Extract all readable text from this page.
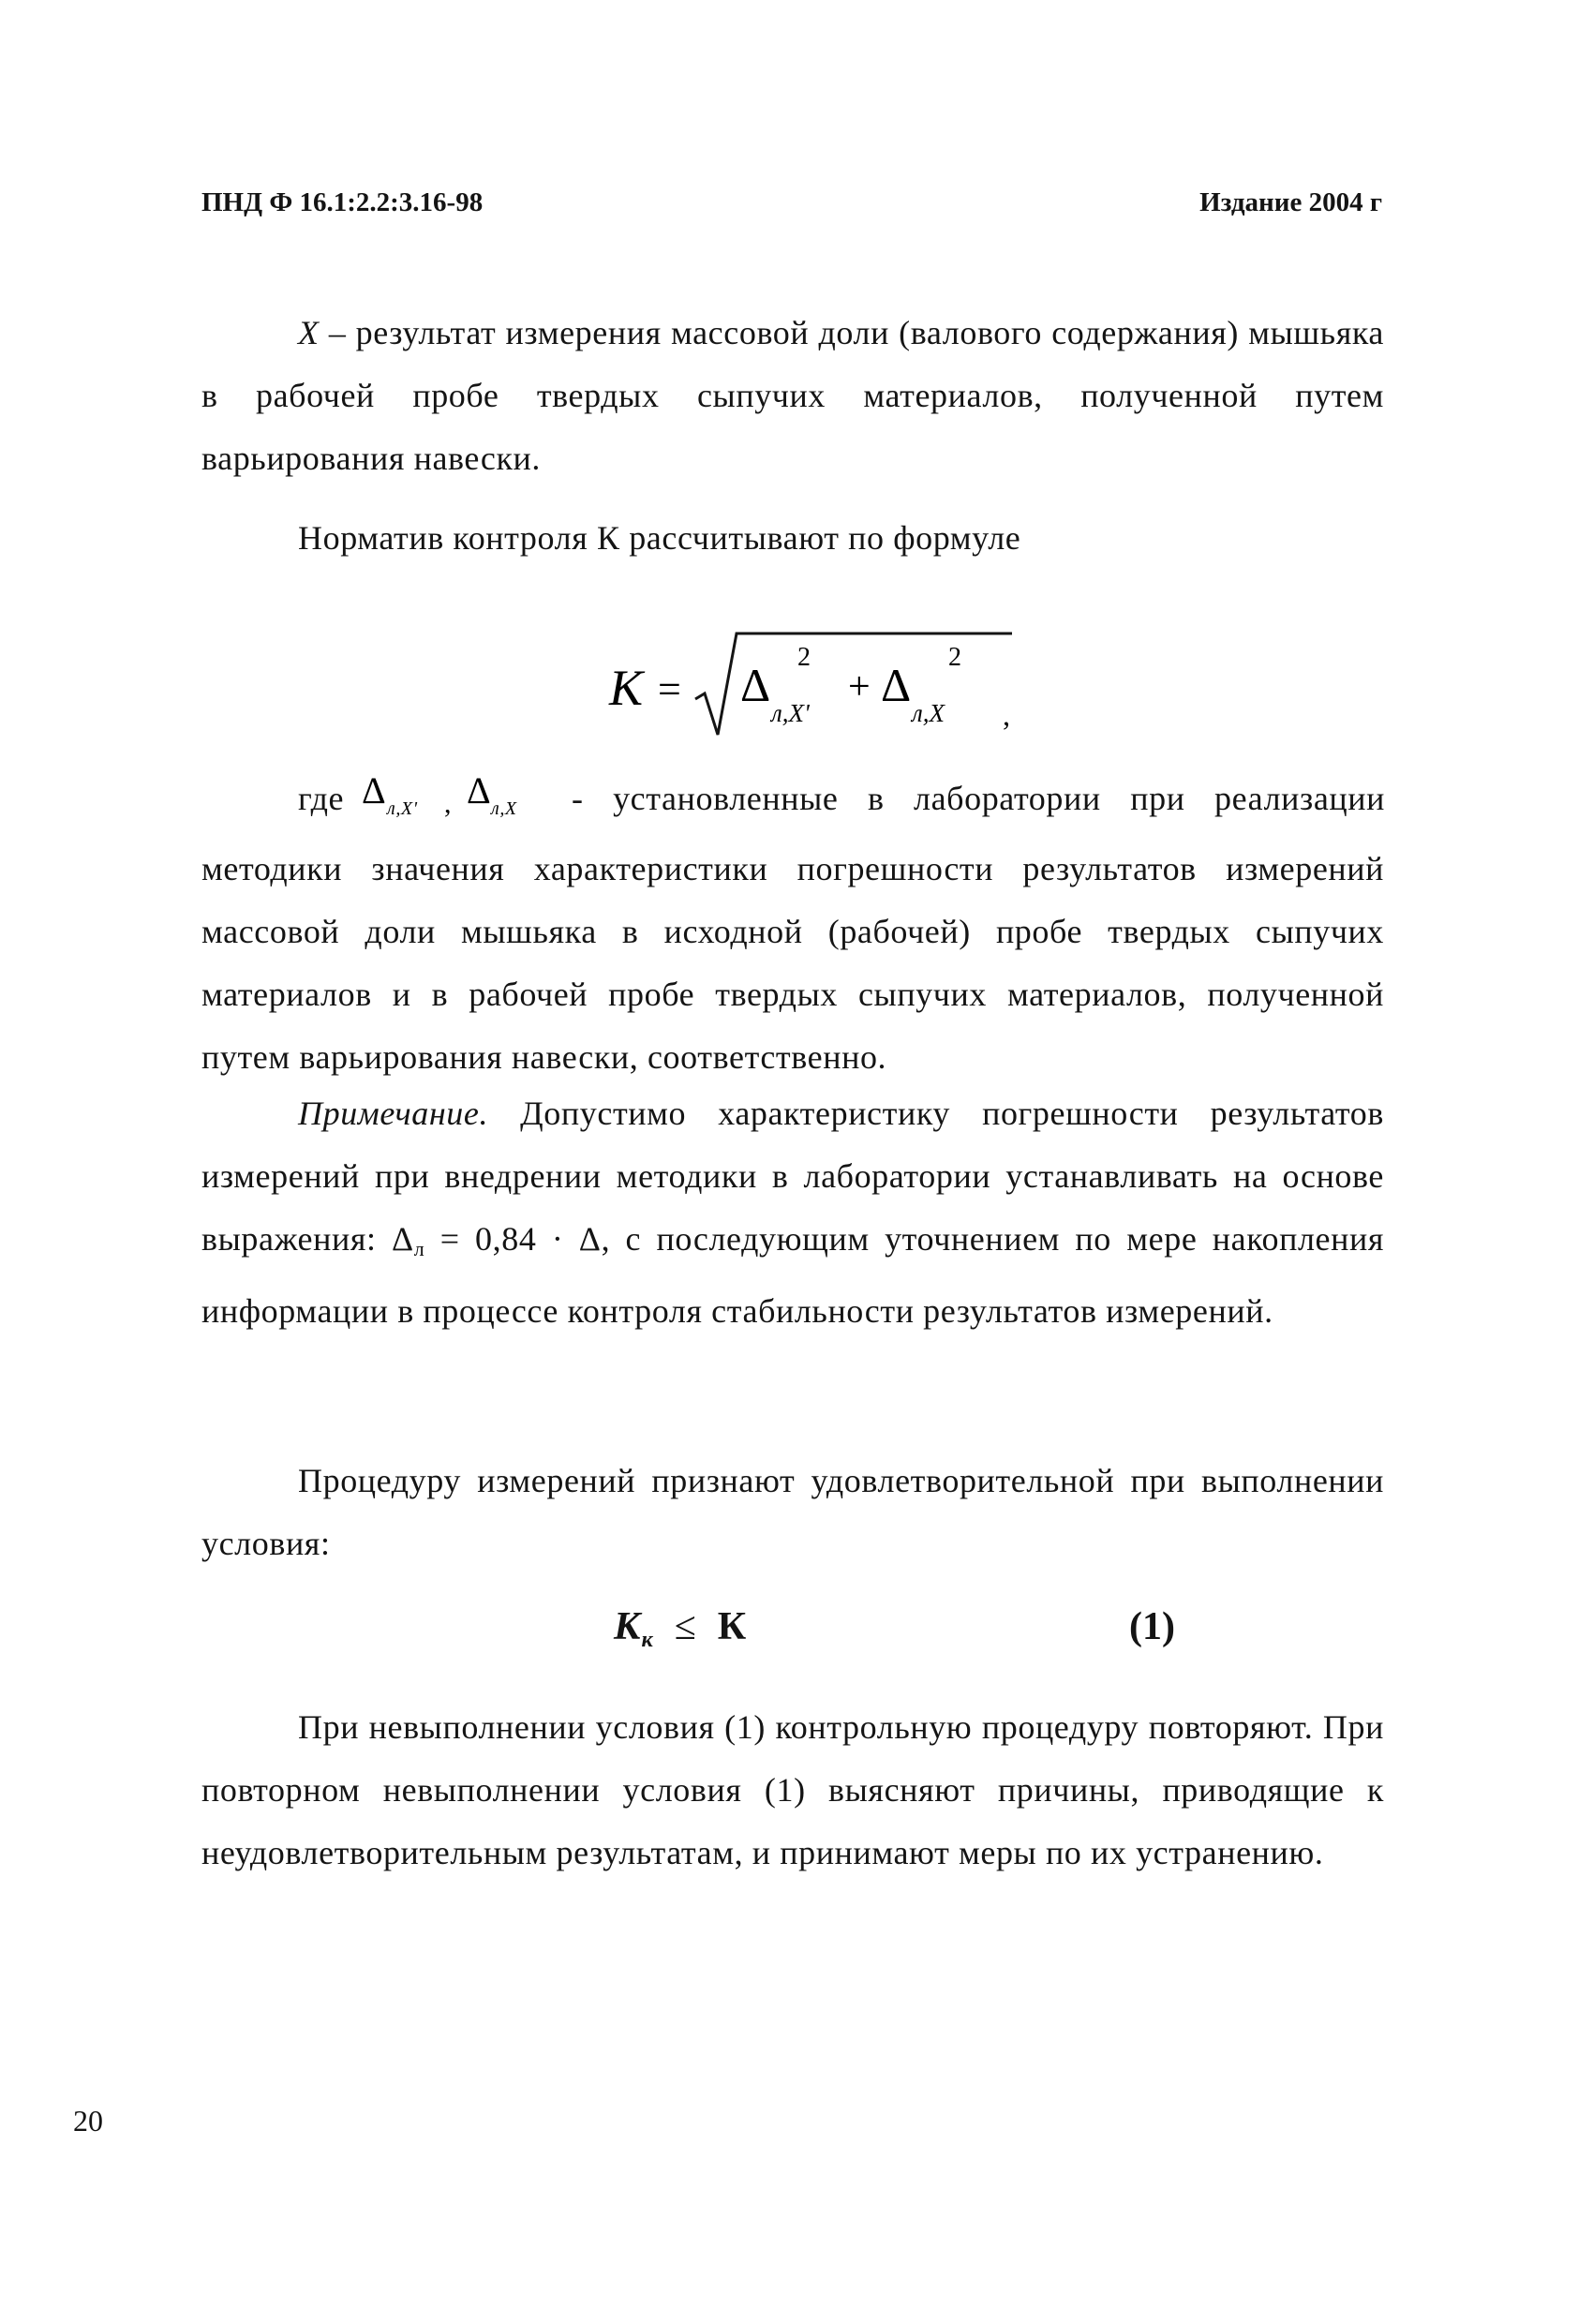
ПНД Ф 16.1:2.2:3.16-98	Издание 2004 г
X – результат измерения массовой доли (валового содержания) мышьяка в рабочей пробе твердых сыпучих материалов, полученной путем варьирования навески.
Норматив контроля К рассчитывают по формуле
К = Δ
2
л,X'
+ Δ
2
л,X ,
где Δ л,X' , Δ л,X - установленные в лаборатории при реализации
методики значения характеристики погрешности результатов измерений массовой доли мышьяка в исходной (рабочей) пробе твердых сыпучих материалов и в рабочей пробе твердых сыпучих материалов, полученной путем варьирования навески, соответственно.
Примечание. Допустимо характеристику погрешности результатов измерений при внедрении методики в лаборатории устанавливать на основе выражения: Δл = 0,84 · Δ, с последующим уточнением по мере накопления информации в процессе контроля стабильности результатов измерений.
Процедуру измерений признают удовлетворительной при выполнении условия:
$К_к \le К$	(1)
При невыполнении условия (1) контрольную процедуру повторяют. При повторном невыполнении условия (1) выясняют причины, приводящие к неудовлетворительным результатам, и принимают меры по их устранению.
20
